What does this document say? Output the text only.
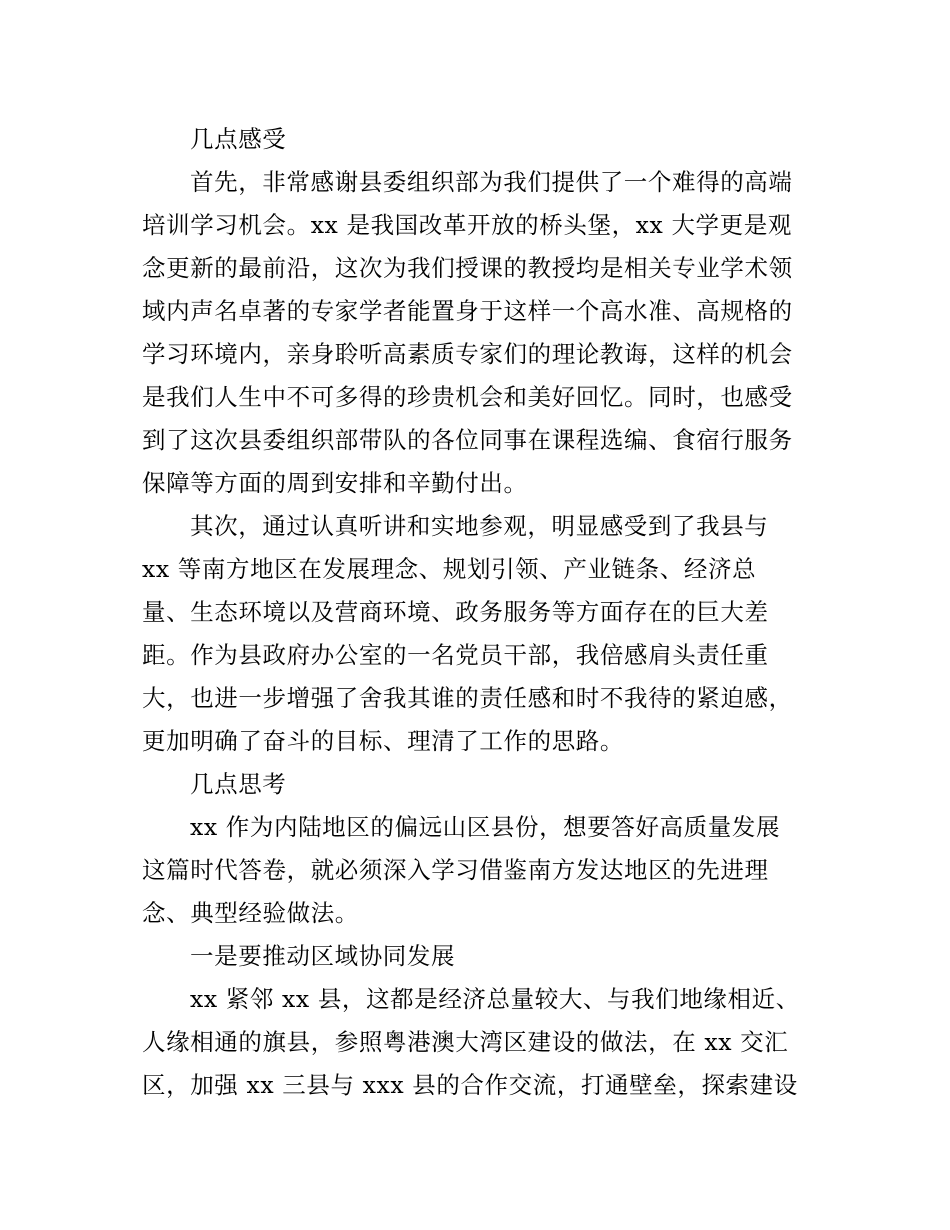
几点感受
首先，非常感谢县委组织部为我们提供了一个难得的高端
培训学习机会。xx 是我国改革开放的桥头堡，xx 大学更是观
念更新的最前沿，这次为我们授课的教授均是相关专业学术领
域内声名卓著的专家学者能置身于这样一个高水准、高规格的
学习环境内，亲身聆听高素质专家们的理论教诲，这样的机会
是我们人生中不可多得的珍贵机会和美好回忆。同时，也感受
到了这次县委组织部带队的各位同事在课程选编、食宿行服务
保障等方面的周到安排和辛勤付出。
其次，通过认真听讲和实地参观，明显感受到了我县与
xx 等南方地区在发展理念、规划引领、产业链条、经济总
量、生态环境以及营商环境、政务服务等方面存在的巨大差
距。作为县政府办公室的一名党员干部，我倍感肩头责任重
大，也进一步增强了舍我其谁的责任感和时不我待的紧迫感，
更加明确了奋斗的目标、理清了工作的思路。
几点思考
xx 作为内陆地区的偏远山区县份，想要答好高质量发展
这篇时代答卷，就必须深入学习借鉴南方发达地区的先进理
念、典型经验做法。
一是要推动区域协同发展
xx 紧邻 xx 县，这都是经济总量较大、与我们地缘相近、
人缘相通的旗县，参照粤港澳大湾区建设的做法，在 xx 交汇
区，加强 xx 三县与 xxx 县的合作交流，打通壁垒，探索建设
